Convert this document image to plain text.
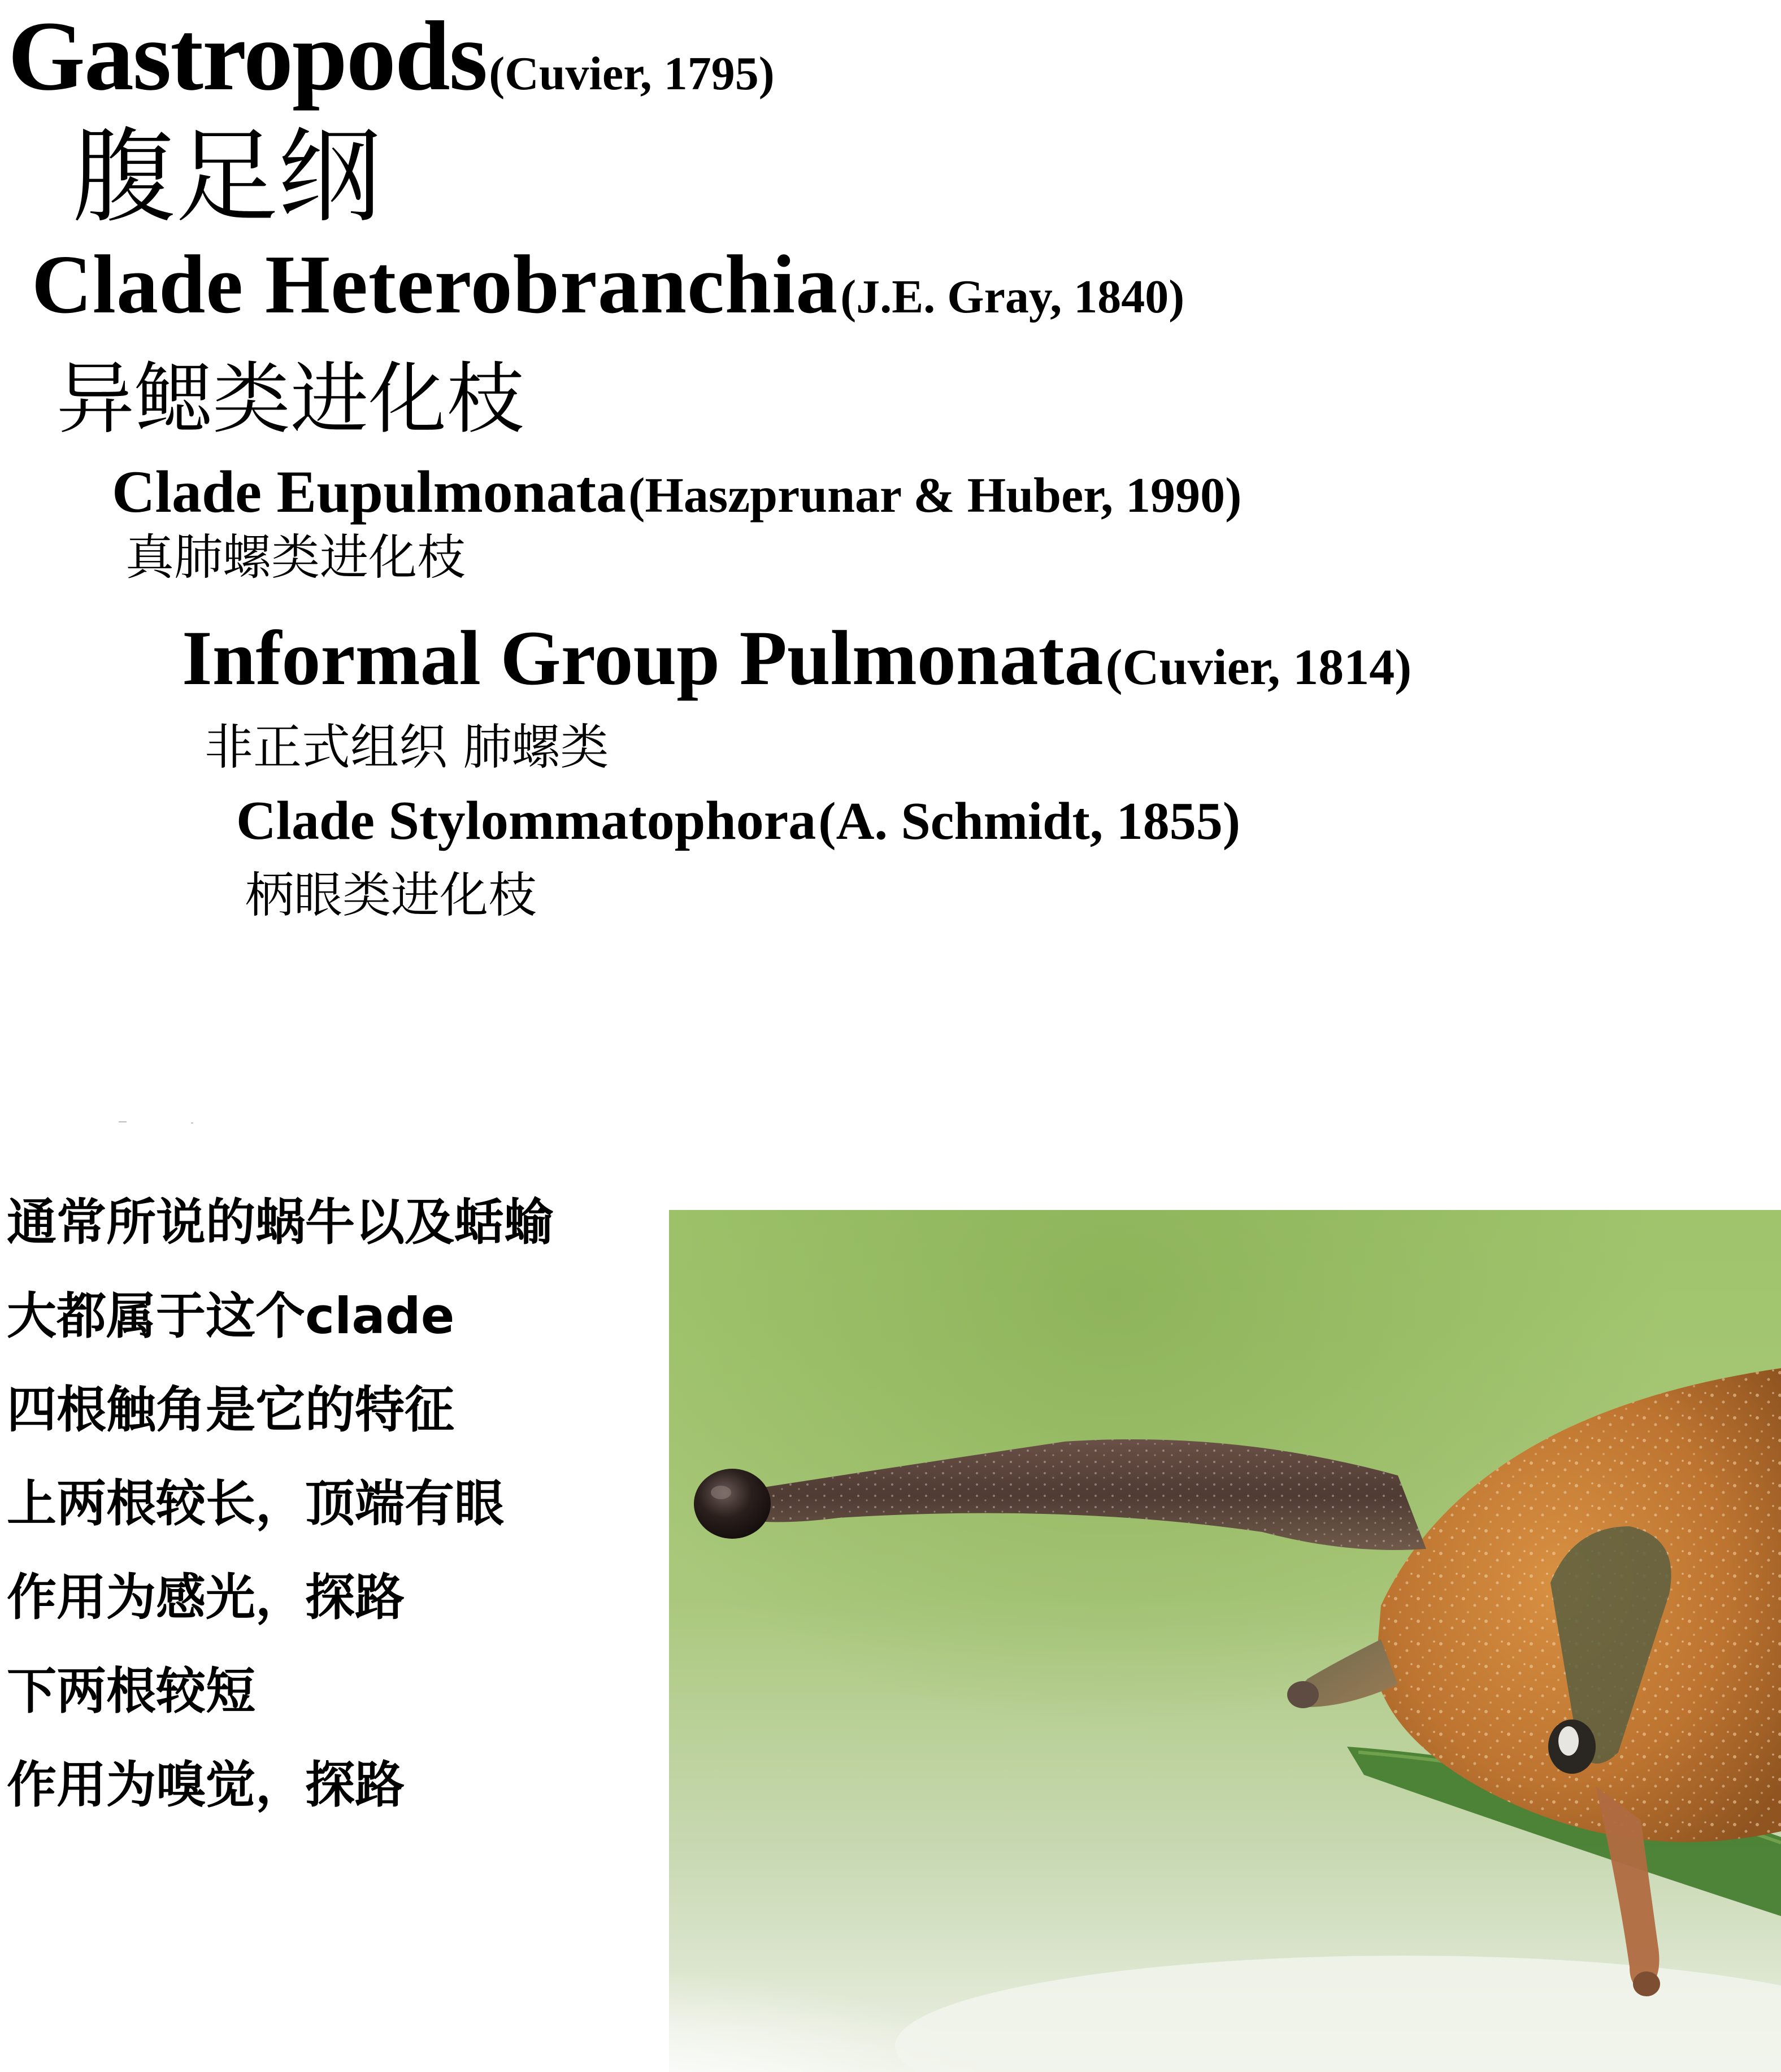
Gastropods (Cuvier, 1795)
腹足纲
Clade Heterobranchia (J.E. Gray, 1840)
异鳃类进化枝
Clade Eupulmonata (Haszprunar & Huber, 1990)
真肺螺类进化枝
Informal Group Pulmonata (Cuvier, 1814)
非正式组织 肺螺类
Clade Stylommatophora (A. Schmidt, 1855)
柄眼类进化枝
通常所说的蜗牛以及蛞蝓
大都属于这个clade
四根触角是它的特征
上两根较长，顶端有眼
作用为感光，探路
下两根较短
作用为嗅觉，探路
